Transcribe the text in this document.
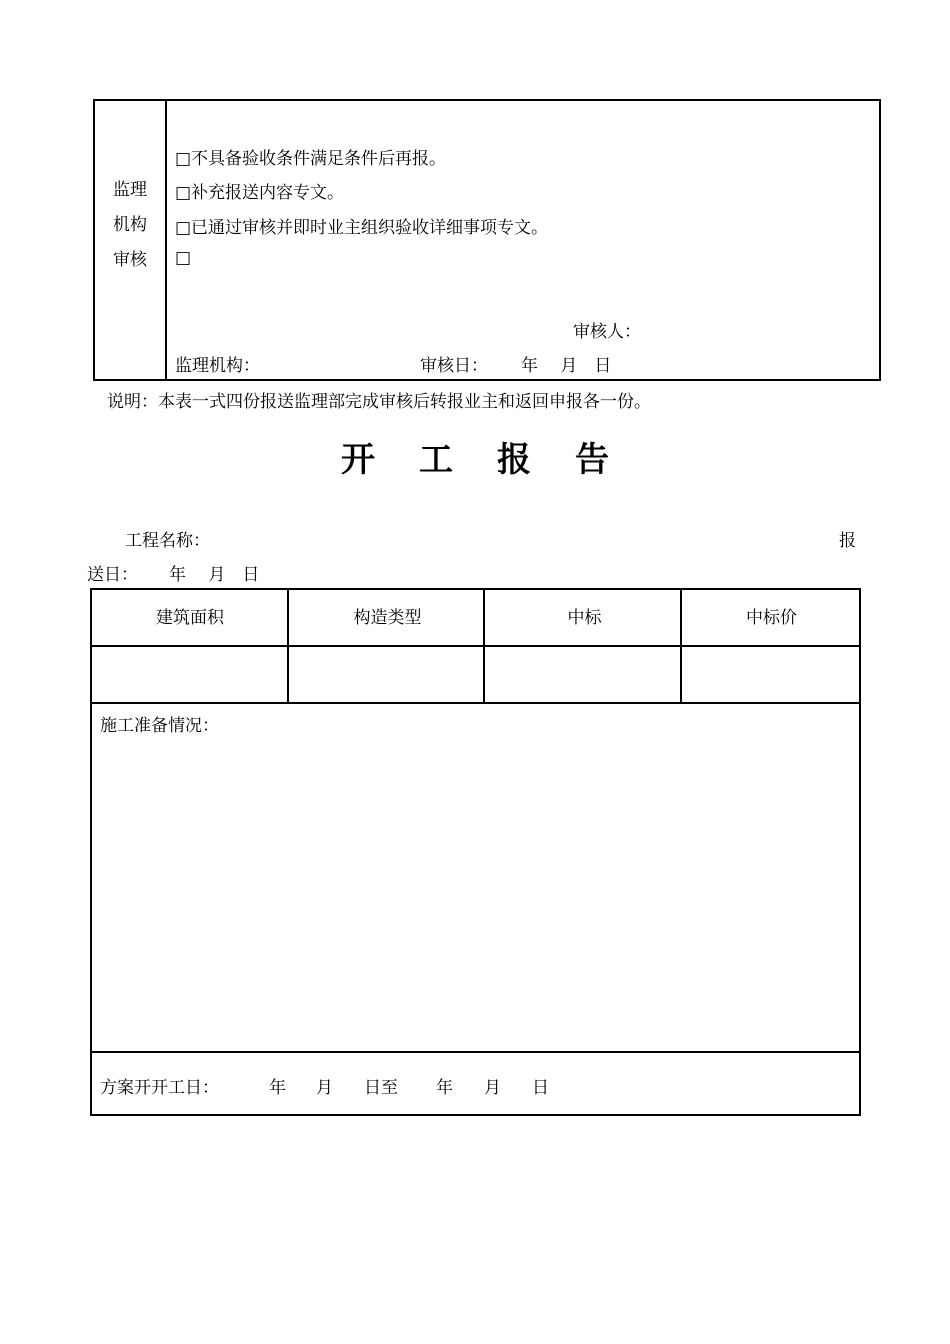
监理
机构
审核
□不具备验收条件满足条件后再报。
□补充报送内容专文。
□已通过审核并即时业主组织验收详细事项专文。
□
审核人：
监理机构：	审核日： 年　 月　日
说明：本表一式四份报送监理部完成审核后转报业主和返回申报各一份。
开工报告
工程名称：	报
送日： 年　 月　日
建筑面积	构造类型	中标	中标价
施工准备情况：
方案开开工日：	年 月 日至 年 月 日
